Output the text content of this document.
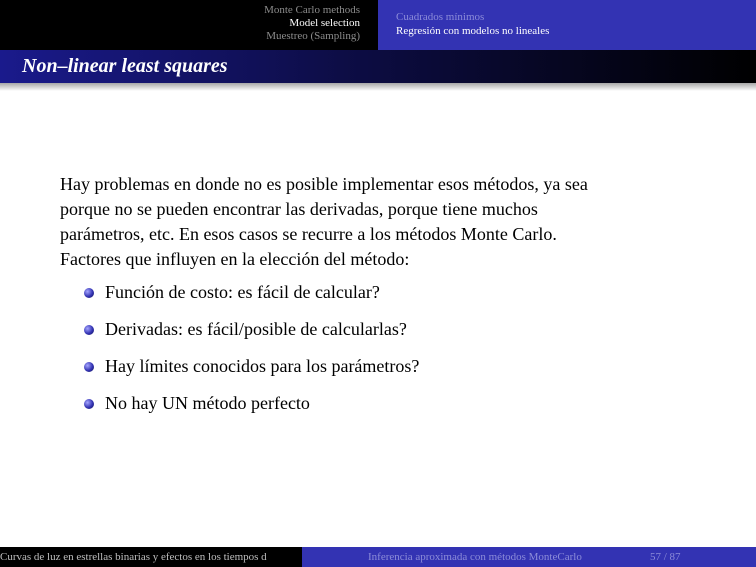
Monte Carlo methods
Model selection
Muestreo (Sampling)
Cuadrados mínimos
Regresión con modelos no lineales
Non–linear least squares

Hay problemas en donde no es posible implementar esos métodos, ya sea
porque no se pueden encontrar las derivadas, porque tiene muchos
parámetros, etc. En esos casos se recurre a los métodos Monte Carlo.
Factores que influyen en la elección del método:

Función de costo: es fácil de calcular?
Derivadas: es fácil/posible de calcularlas?
Hay límites conocidos para los parámetros?
No hay UN método perfecto
Curvas de luz en estrellas binarias y efectos en los tiempos d	Inferencia aproximada con métodos MonteCarlo	57 / 87
